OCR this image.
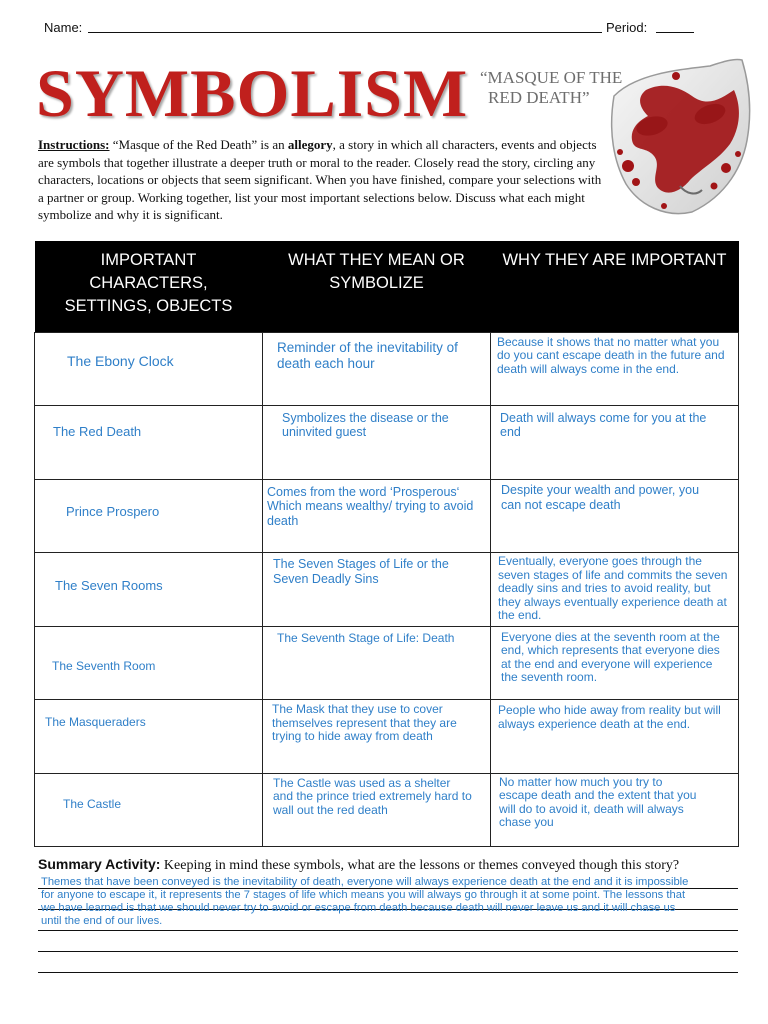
Name:	Period:
SYMBOLISM “MASQUE OF THE
RED DEATH”
Instructions: “Masque of the Red Death” is an allegory, a story in which all characters, events and objects are symbols that together illustrate a deeper truth or moral to the reader. Closely read the story, circling any characters, locations or objects that seem significant. When you have finished, compare your selections with a partner or group. Working together, list your most important selections below. Discuss what each might symbolize and why it is significant.
IMPORTANT CHARACTERS, SETTINGS, OBJECTS	WHAT THEY MEAN OR SYMBOLIZE	WHY THEY ARE IMPORTANT

The Ebony Clock	Reminder of the inevitability of death each hour	Because it shows that no matter what you do you cant escape death in the future and death will always come in the end.

The Red Death	Symbolizes the disease or the uninvited guest	Death will always come for you at the end

Prince Prospero	Comes from the word ‘Prosperous‘ Which means wealthy/ trying to avoid death	Despite your wealth and power, you can not escape death

The Seven Rooms	The Seven Stages of Life or the Seven Deadly Sins	Eventually, everyone goes through the seven stages of life and commits the seven deadly sins and tries to avoid reality, but they always eventually experience death at the end.

The Seventh Room	The Seventh Stage of Life: Death	Everyone dies at the seventh room at the end, which represents that everyone dies at the end and everyone will experience the seventh room.

The Masqueraders	The Mask that they use to cover themselves represent that they are trying to hide away from death	People who hide away from reality but will always experience death at the end.

The Castle	The Castle was used as a shelter and the prince tried extremely hard to wall out the red death	No matter how much you try to escape death and the extent that you will do to avoid it, death will always chase you
Summary Activity: Keeping in mind these symbols, what are the lessons or themes conveyed though this story?
Themes that have been conveyed is the inevitability of death, everyone will always experience death at the end and it is impossible
for anyone to escape it, it represents the 7 stages of life which means you will always go through it at some point. The lessons that
we have learned is that we should never try to avoid or escape from death because death will never leave us and it will chase us
until the end of our lives.
